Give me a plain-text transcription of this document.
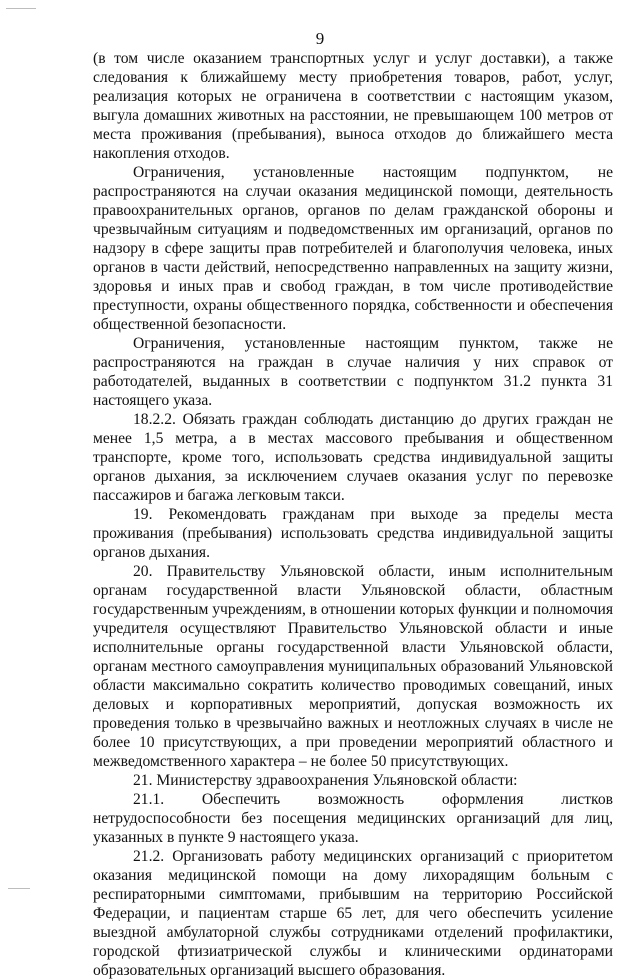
9

(в том числе оказанием транспортных услуг и услуг доставки), а также следования к ближайшему месту приобретения товаров, работ, услуг, реализация которых не ограничена в соответствии с настоящим указом, выгула домашних животных на расстоянии, не превышающем 100 метров от места проживания (пребывания), выноса отходов до ближайшего места накопления отходов.

Ограничения, установленные настоящим подпунктом, не распространяются на случаи оказания медицинской помощи, деятельность правоохранительных органов, органов по делам гражданской обороны и чрезвычайным ситуациям и подведомственных им организаций, органов по надзору в сфере защиты прав потребителей и благополучия человека, иных органов в части действий, непосредственно направленных на защиту жизни, здоровья и иных прав и свобод граждан, в том числе противодействие преступности, охраны общественного порядка, собственности и обеспечения общественной безопасности.

Ограничения, установленные настоящим пунктом, также не распространяются на граждан в случае наличия у них справок от работодателей, выданных в соответствии с подпунктом 31.2 пункта 31 настоящего указа.

18.2.2. Обязать граждан соблюдать дистанцию до других граждан не менее 1,5 метра, а в местах массового пребывания и общественном транспорте, кроме того, использовать средства индивидуальной защиты органов дыхания, за исключением случаев оказания услуг по перевозке пассажиров и багажа легковым такси.

19. Рекомендовать гражданам при выходе за пределы места проживания (пребывания) использовать средства индивидуальной защиты органов дыхания.

20. Правительству Ульяновской области, иным исполнительным органам государственной власти Ульяновской области, областным государственным учреждениям, в отношении которых функции и полномочия учредителя осуществляют Правительство Ульяновской области и иные исполнительные органы государственной власти Ульяновской области, органам местного самоуправления муниципальных образований Ульяновской области максимально сократить количество проводимых совещаний, иных деловых и корпоративных мероприятий, допуская возможность их проведения только в чрезвычайно важных и неотложных случаях в числе не более 10 присутствующих, а при проведении мероприятий областного и межведомственного характера – не более 50 присутствующих.

21. Министерству здравоохранения Ульяновской области:

21.1. Обеспечить возможность оформления листков нетрудоспособности без посещения медицинских организаций для лиц, указанных в пункте 9 настоящего указа.

21.2. Организовать работу медицинских организаций с приоритетом оказания медицинской помощи на дому лихорадящим больным с респираторными симптомами, прибывшим на территорию Российской Федерации, и пациентам старше 65 лет, для чего обеспечить усиление выездной амбулаторной службы сотрудниками отделений профилактики, городской фтизиатрической службы и клиническими ординаторами образовательных организаций высшего образования.
